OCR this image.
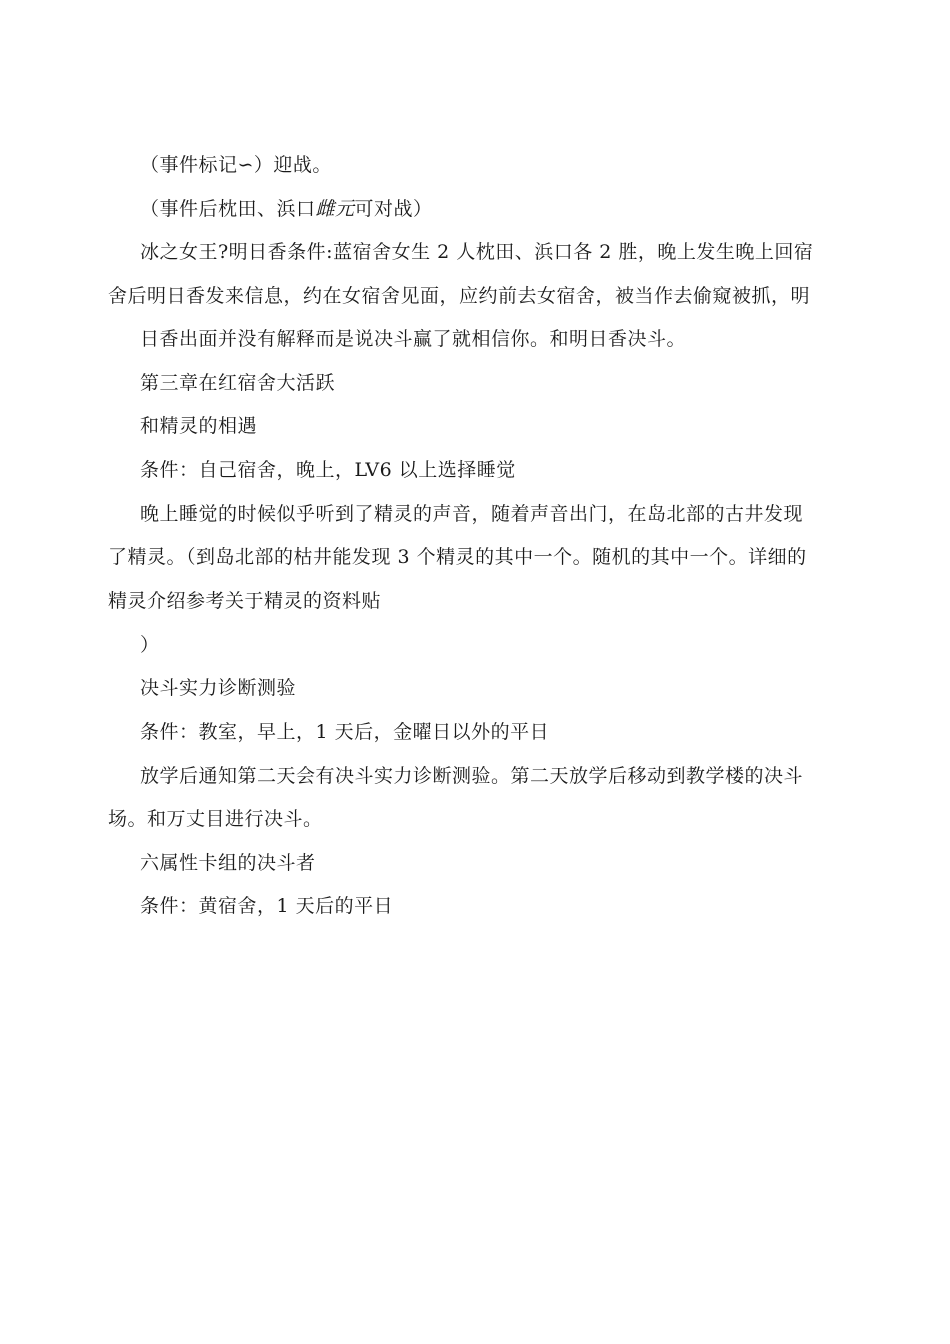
（事件标记∽）迎战。
（事件后枕田、浜口雌元可对战）
冰之女王?明日香条件:蓝宿舍女生 2 人枕田、浜口各 2 胜，晚上发生晚上回宿
舍后明日香发来信息，约在女宿舍见面，应约前去女宿舍，被当作去偷窥被抓，明
日香出面并没有解释而是说决斗赢了就相信你。和明日香决斗。
第三章在红宿舍大活跃
和精灵的相遇
条件：自己宿舍，晚上，LV6 以上选择睡觉
晚上睡觉的时候似乎听到了精灵的声音，随着声音出门，在岛北部的古井发现
了精灵。（到岛北部的枯井能发现 3 个精灵的其中一个。随机的其中一个。详细的
精灵介绍参考关于精灵的资料贴
）
决斗实力诊断测验
条件：教室，早上，1 天后，金曜日以外的平日
放学后通知第二天会有决斗实力诊断测验。第二天放学后移动到教学楼的决斗
场。和万丈目进行决斗。
六属性卡组的决斗者
条件：黄宿舍，1 天后的平日
